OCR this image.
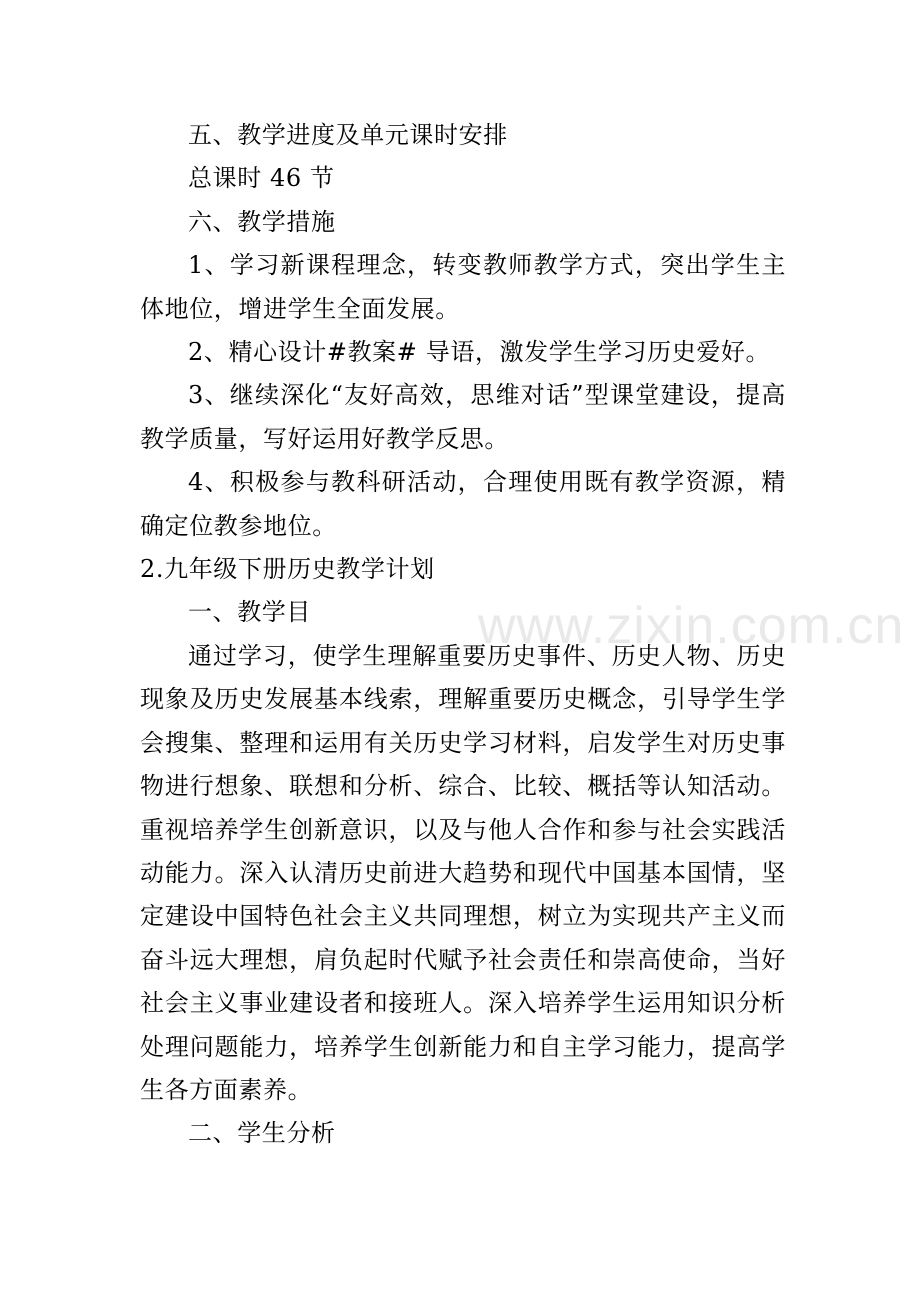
www.zixin.com.cn

五、教学进度及单元课时安排

总课时 46 节

六、教学措施

1、学习新课程理念，转变教师教学方式，突出学生主体地位，增进学生全面发展。

2、精心设计#教案# 导语，激发学生学习历史爱好。

3、继续深化“友好高效，思维对话”型课堂建设，提高教学质量，写好运用好教学反思。

4、积极参与教科研活动，合理使用既有教学资源，精确定位教参地位。

2.九年级下册历史教学计划

一、教学目

通过学习，使学生理解重要历史事件、历史人物、历史现象及历史发展基本线索，理解重要历史概念，引导学生学会搜集、整理和运用有关历史学习材料，启发学生对历史事物进行想象、联想和分析、综合、比较、概括等认知活动。重视培养学生创新意识，以及与他人合作和参与社会实践活动能力。深入认清历史前进大趋势和现代中国基本国情，坚定建设中国特色社会主义共同理想，树立为实现共产主义而奋斗远大理想，肩负起时代赋予社会责任和崇高使命，当好社会主义事业建设者和接班人。深入培养学生运用知识分析处理问题能力，培养学生创新能力和自主学习能力，提高学生各方面素养。

二、学生分析
